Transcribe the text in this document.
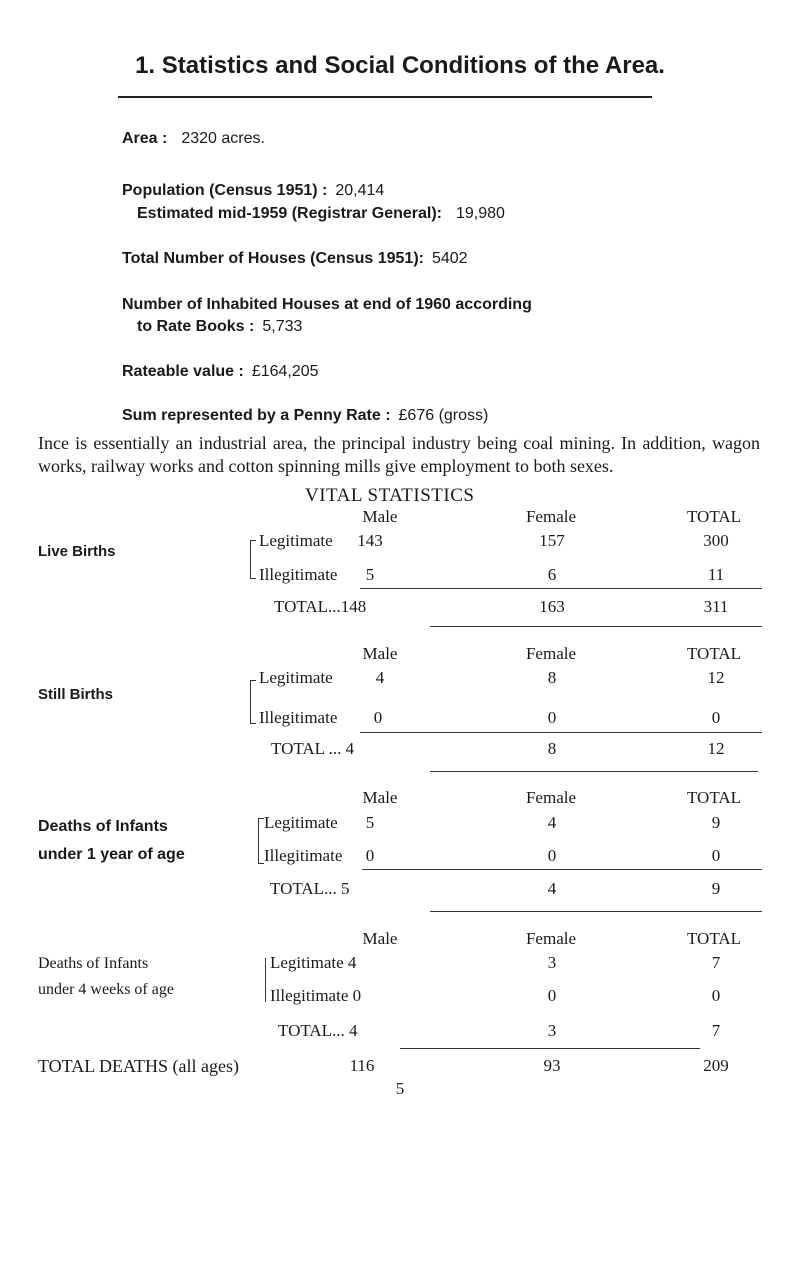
1. Statistics and Social Conditions of the Area.
Area : 2320 acres.
Population (Census 1951) : 20,414
Estimated mid-1959 (Registrar General): 19,980
Total Number of Houses (Census 1951): 5402
Number of Inhabited Houses at end of 1960 according
to Rate Books : 5,733
Rateable value : £164,205
Sum represented by a Penny Rate : £676 (gross)

Ince is essentially an industrial area, the principal industry being coal mining. In addition, wagon works, railway works and cotton spinning mills give employment to both sexes.

VITAL STATISTICS
Male	Female	TOTAL
Live Births
Legitimate	143	157	300
Illegitimate	5	6	11
TOTAL...148	163	311
Male	Female	TOTAL
Still Births
Legitimate	4	8	12
Illegitimate	0	0	0
TOTAL ... 4	8	12
Male	Female	TOTAL
Deaths of Infants
under 1 year of age
Legitimate	5	4	9
Illegitimate	0	0	0
TOTAL... 5	4	9
Male	Female	TOTAL
Deaths of Infants
under 4 weeks of age
Legitimate 4	3	7
Illegitimate 0	0	0
TOTAL... 4	3	7
TOTAL DEATHS (all ages)	116	93	209
5
